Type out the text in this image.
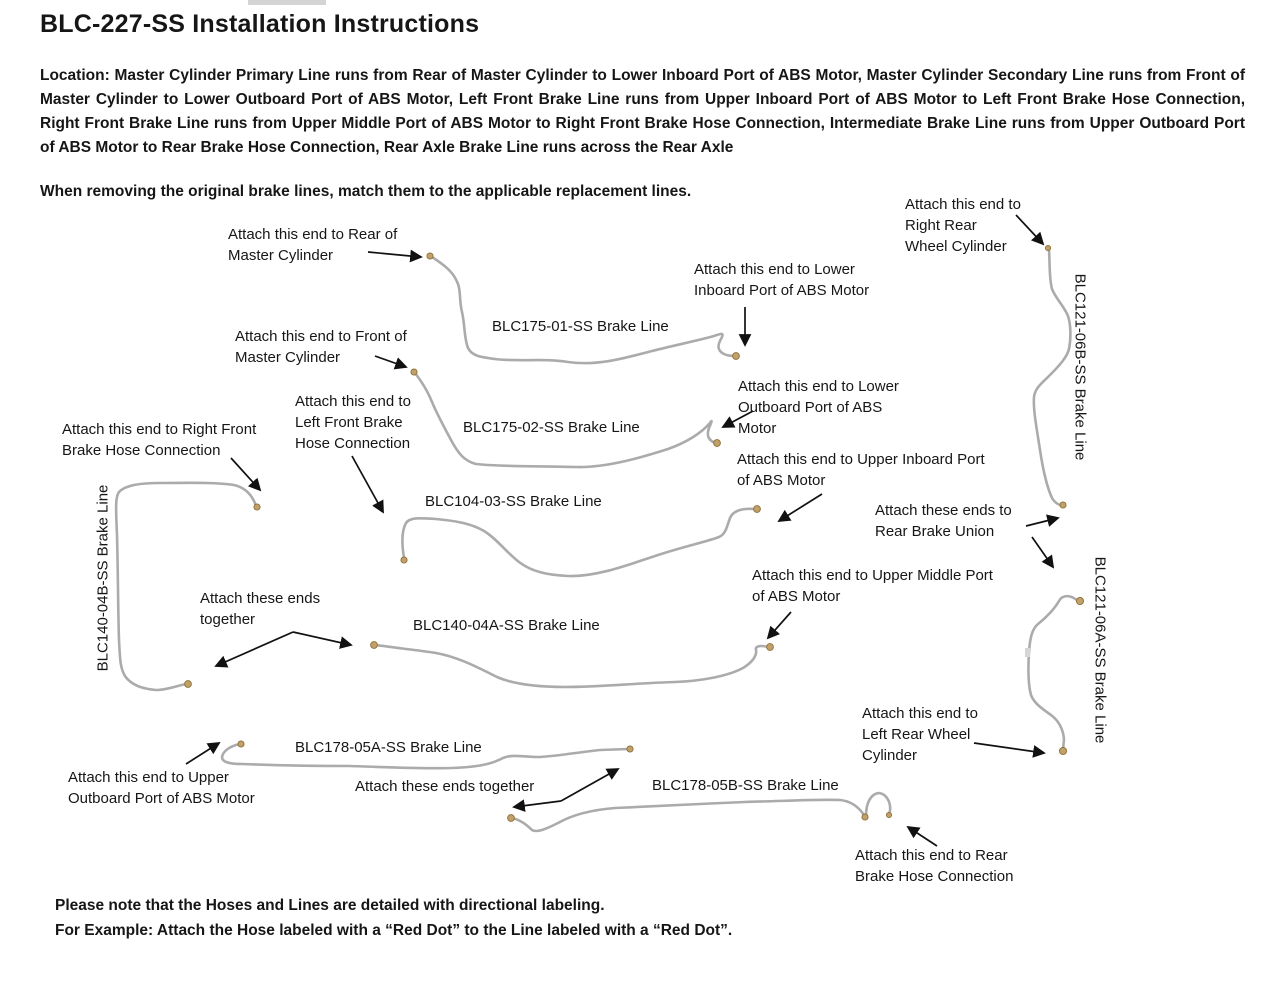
BLC-227-SS Installation Instructions

Location: Master Cylinder Primary Line runs from Rear of Master Cylinder to Lower Inboard Port of ABS Motor, Master Cylinder Secondary Line runs from Front of Master Cylinder to Lower Outboard Port of ABS Motor, Left Front Brake Line runs from Upper Inboard Port of ABS Motor to Left Front Brake Hose Connection, Right Front Brake Line runs from Upper Middle Port of ABS Motor to Right Front Brake Hose Connection, Intermediate Brake Line runs from Upper Outboard Port of ABS Motor to Rear Brake Hose Connection, Rear Axle Brake Line runs across the Rear Axle

When removing the original brake lines, match them to the applicable replacement lines.

Attach this end to Rear of Master Cylinder
Attach this end to Right Rear Wheel Cylinder
Attach this end to Lower Inboard Port of ABS Motor
Attach this end to Front of Master Cylinder
Attach this end to Lower Outboard Port of ABS Motor
Attach this end to Left Front Brake Hose Connection
Attach this end to Right Front Brake Hose Connection
Attach this end to Upper Inboard Port of ABS Motor
Attach these ends to Rear Brake Union
Attach this end to Upper Middle Port of ABS Motor
Attach these ends together
Attach this end to Left Rear Wheel Cylinder
Attach this end to Upper Outboard Port of ABS Motor
Attach these ends together
Attach this end to Rear Brake Hose Connection
BLC175-01-SS Brake Line
BLC175-02-SS Brake Line
BLC104-03-SS Brake Line
BLC140-04A-SS Brake Line
BLC178-05A-SS Brake Line
BLC178-05B-SS Brake Line
BLC140-04B-SS Brake Line
BLC121-06B-SS Brake Line
BLC121-06A-SS Brake Line
Please note that the Hoses and Lines are detailed with directional labeling.
For Example: Attach the Hose labeled with a “Red Dot” to the Line labeled with a “Red Dot”.
